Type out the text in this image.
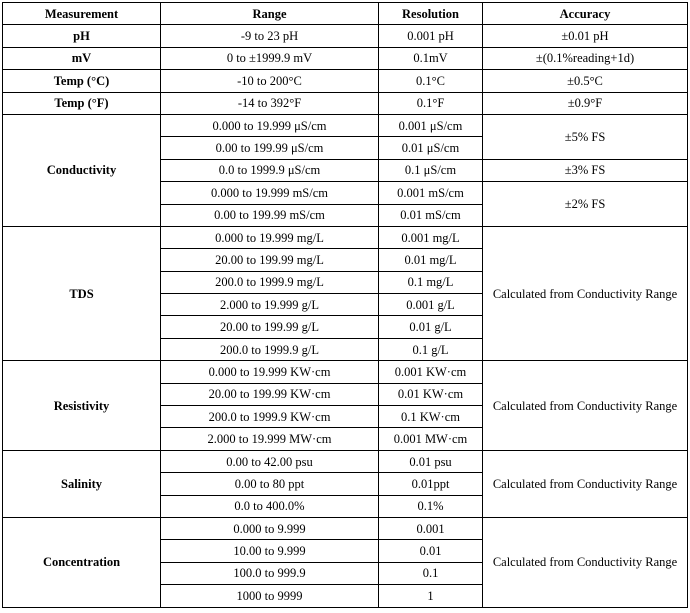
Measurement	Range	Resolution	Accuracy
pH	-9 to 23 pH	0.001 pH	±0.01 pH
mV	0 to ±1999.9 mV	0.1mV	±(0.1%reading+1d)
Temp (°C)	-10 to 200°C	0.1°C	±0.5°C
Temp (°F)	-14 to 392°F	0.1°F	±0.9°F
Conductivity	0.000 to 19.999 μS/cm	0.001 μS/cm	±5% FS
	0.00 to 199.99 μS/cm	0.01 μS/cm	
	0.0 to 1999.9 μS/cm	0.1 μS/cm	±3% FS
	0.000 to 19.999 mS/cm	0.001 mS/cm	±2% FS
	0.00 to 199.99 mS/cm	0.01 mS/cm	
TDS	0.000 to 19.999 mg/L	0.001 mg/L	Calculated from Conductivity Range
	20.00 to 199.99 mg/L	0.01 mg/L	
	200.0 to 1999.9 mg/L	0.1 mg/L	
	2.000 to 19.999 g/L	0.001 g/L	
	20.00 to 199.99 g/L	0.01 g/L	
	200.0 to 1999.9 g/L	0.1 g/L	
Resistivity	0.000 to 19.999 KW·cm	0.001 KW·cm	Calculated from Conductivity Range
	20.00 to 199.99 KW·cm	0.01 KW·cm	
	200.0 to 1999.9 KW·cm	0.1 KW·cm	
	2.000 to 19.999 MW·cm	0.001 MW·cm	
Salinity	0.00 to 42.00 psu	0.01 psu	Calculated from Conductivity Range
	0.00 to 80 ppt	0.01ppt	
	0.0 to 400.0%	0.1%	
Concentration	0.000 to 9.999	0.001	Calculated from Conductivity Range
	10.00 to 9.999	0.01	
	100.0 to 999.9	0.1	
	1000 to 9999	1	
